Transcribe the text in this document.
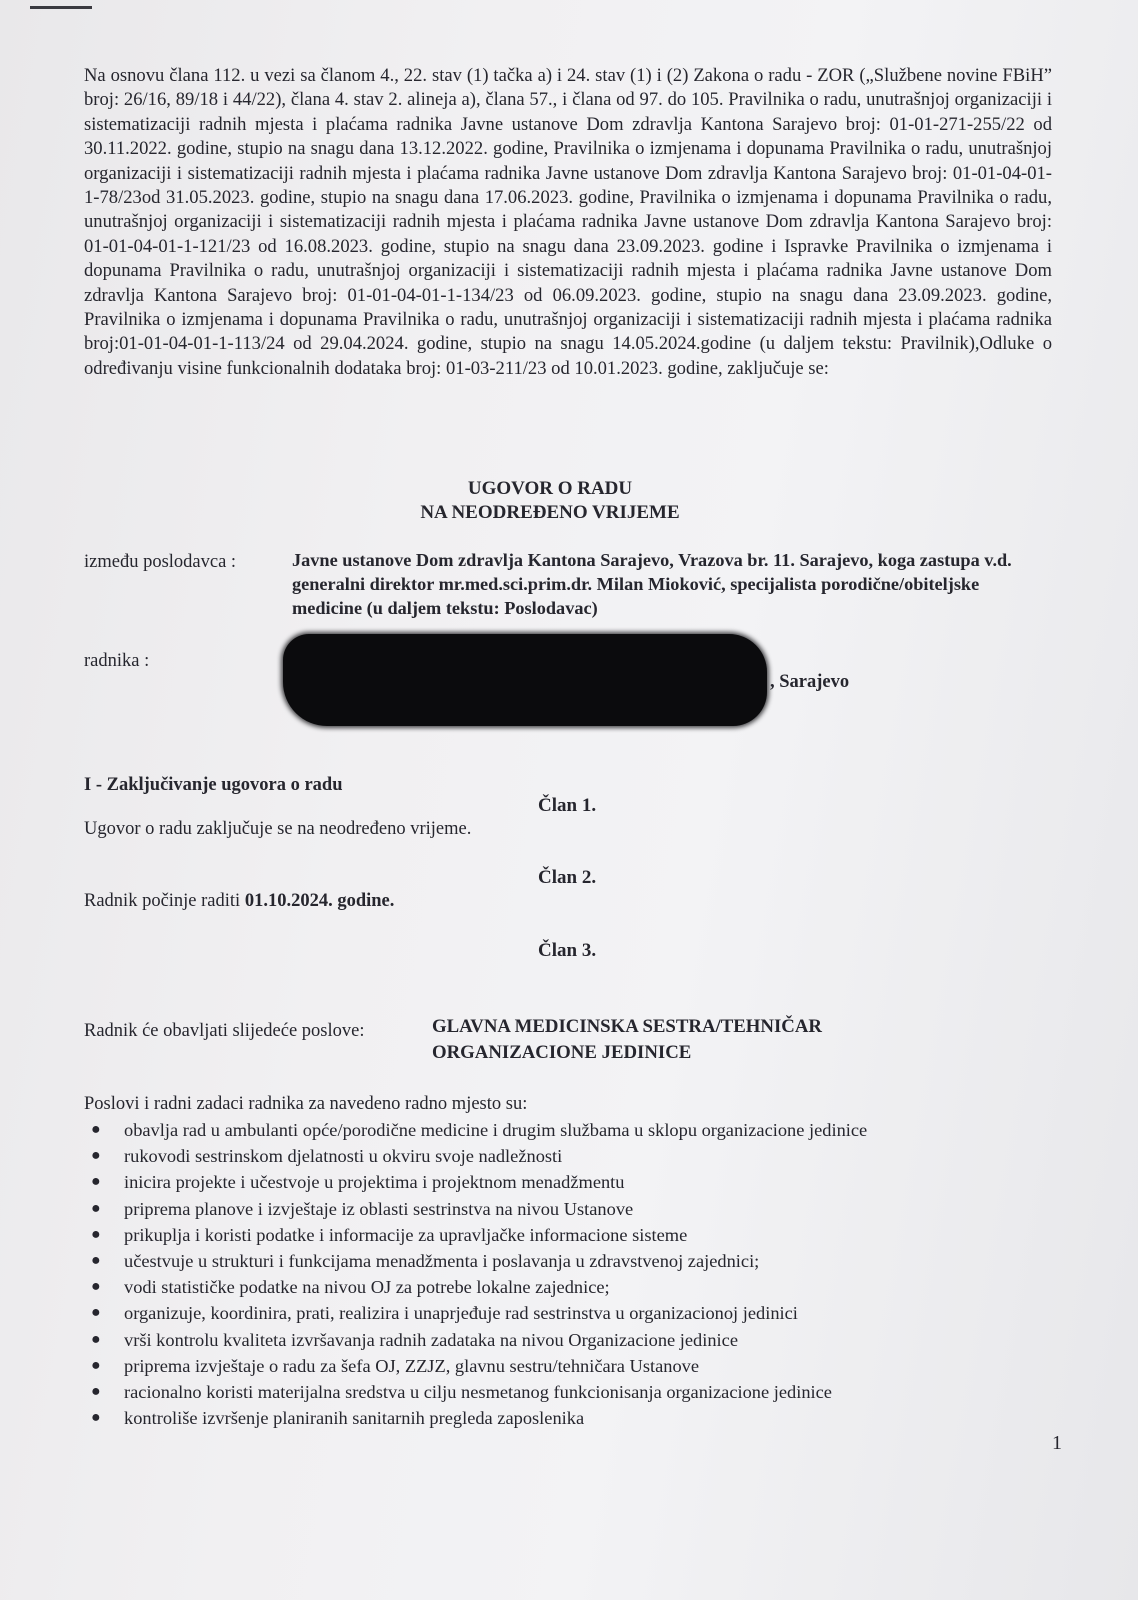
Na osnovu člana 112. u vezi sa članom 4., 22. stav (1) tačka a) i 24. stav (1) i (2) Zakona o radu - ZOR („Službene novine FBiH” broj: 26/16, 89/18 i 44/22), člana 4. stav 2. alineja a), člana 57., i člana od 97. do 105. Pravilnika o radu, unutrašnjoj organizaciji i sistematizaciji radnih mjesta i plaćama radnika Javne ustanove Dom zdravlja Kantona Sarajevo broj: 01-01-271-255/22 od 30.11.2022. godine, stupio na snagu dana 13.12.2022. godine, Pravilnika o izmjenama i dopunama Pravilnika o radu, unutrašnjoj organizaciji i sistematizaciji radnih mjesta i plaćama radnika Javne ustanove Dom zdravlja Kantona Sarajevo broj: 01-01-04-01-1-78/23od 31.05.2023. godine, stupio na snagu dana 17.06.2023. godine, Pravilnika o izmjenama i dopunama Pravilnika o radu, unutrašnjoj organizaciji i sistematizaciji radnih mjesta i plaćama radnika Javne ustanove Dom zdravlja Kantona Sarajevo broj: 01-01-04-01-1-121/23 od 16.08.2023. godine, stupio na snagu dana 23.09.2023. godine i Ispravke Pravilnika o izmjenama i dopunama Pravilnika o radu, unutrašnjoj organizaciji i sistematizaciji radnih mjesta i plaćama radnika Javne ustanove Dom zdravlja Kantona Sarajevo broj: 01-01-04-01-1-134/23 od 06.09.2023. godine, stupio na snagu dana 23.09.2023. godine, Pravilnika o izmjenama i dopunama Pravilnika o radu, unutrašnjoj organizaciji i sistematizaciji radnih mjesta i plaćama radnika broj:01-01-04-01-1-113/24 od 29.04.2024. godine, stupio na snagu 14.05.2024.godine (u daljem tekstu: Pravilnik),Odluke o određivanju visine funkcionalnih dodataka broj: 01-03-211/23 od 10.01.2023. godine, zaključuje se:

UGOVOR O RADU
NA NEODREĐENO VRIJEME
između poslodavca :	Javne ustanove Dom zdravlja Kantona Sarajevo, Vrazova br. 11. Sarajevo, koga zastupa v.d. generalni direktor mr.med.sci.prim.dr. Milan Mioković, specijalista porodične/obiteljske medicine (u daljem tekstu: Poslodavac)

radnika :
, Sarajevo
I - Zaključivanje ugovora o radu
Član 1.
Ugovor o radu zaključuje se na neodređeno vrijeme.
Član 2.
Radnik počinje raditi 01.10.2024. godine.
Član 3.
Radnik će obavljati slijedeće poslove:	GLAVNA MEDICINSKA SESTRA/TEHNIČAR
ORGANIZACIONE JEDINICE
Poslovi i radni zadaci radnika za navedeno radno mjesto su:
● obavlja rad u ambulanti opće/porodične medicine i drugim službama u sklopu organizacione jedinice
● rukovodi sestrinskom djelatnosti u okviru svoje nadležnosti
● inicira projekte i učestvoje u projektima i projektnom menadžmentu
● priprema planove i izvještaje iz oblasti sestrinstva na nivou Ustanove
● prikuplja i koristi podatke i informacije za upravljačke informacione sisteme
● učestvuje u strukturi i funkcijama menadžmenta i poslavanja u zdravstvenoj zajednici;
● vodi statističke podatke na nivou OJ za potrebe lokalne zajednice;
● organizuje, koordinira, prati, realizira i unaprjeđuje rad sestrinstva u organizacionoj jedinici
● vrši kontrolu kvaliteta izvršavanja radnih zadataka na nivou Organizacione jedinice
● priprema izvještaje o radu za šefa OJ, ZZJZ, glavnu sestru/tehničara Ustanove
● racionalno koristi materijalna sredstva u cilju nesmetanog funkcionisanja organizacione jedinice
● kontroliše izvršenje planiranih sanitarnih pregleda zaposlenika
1
